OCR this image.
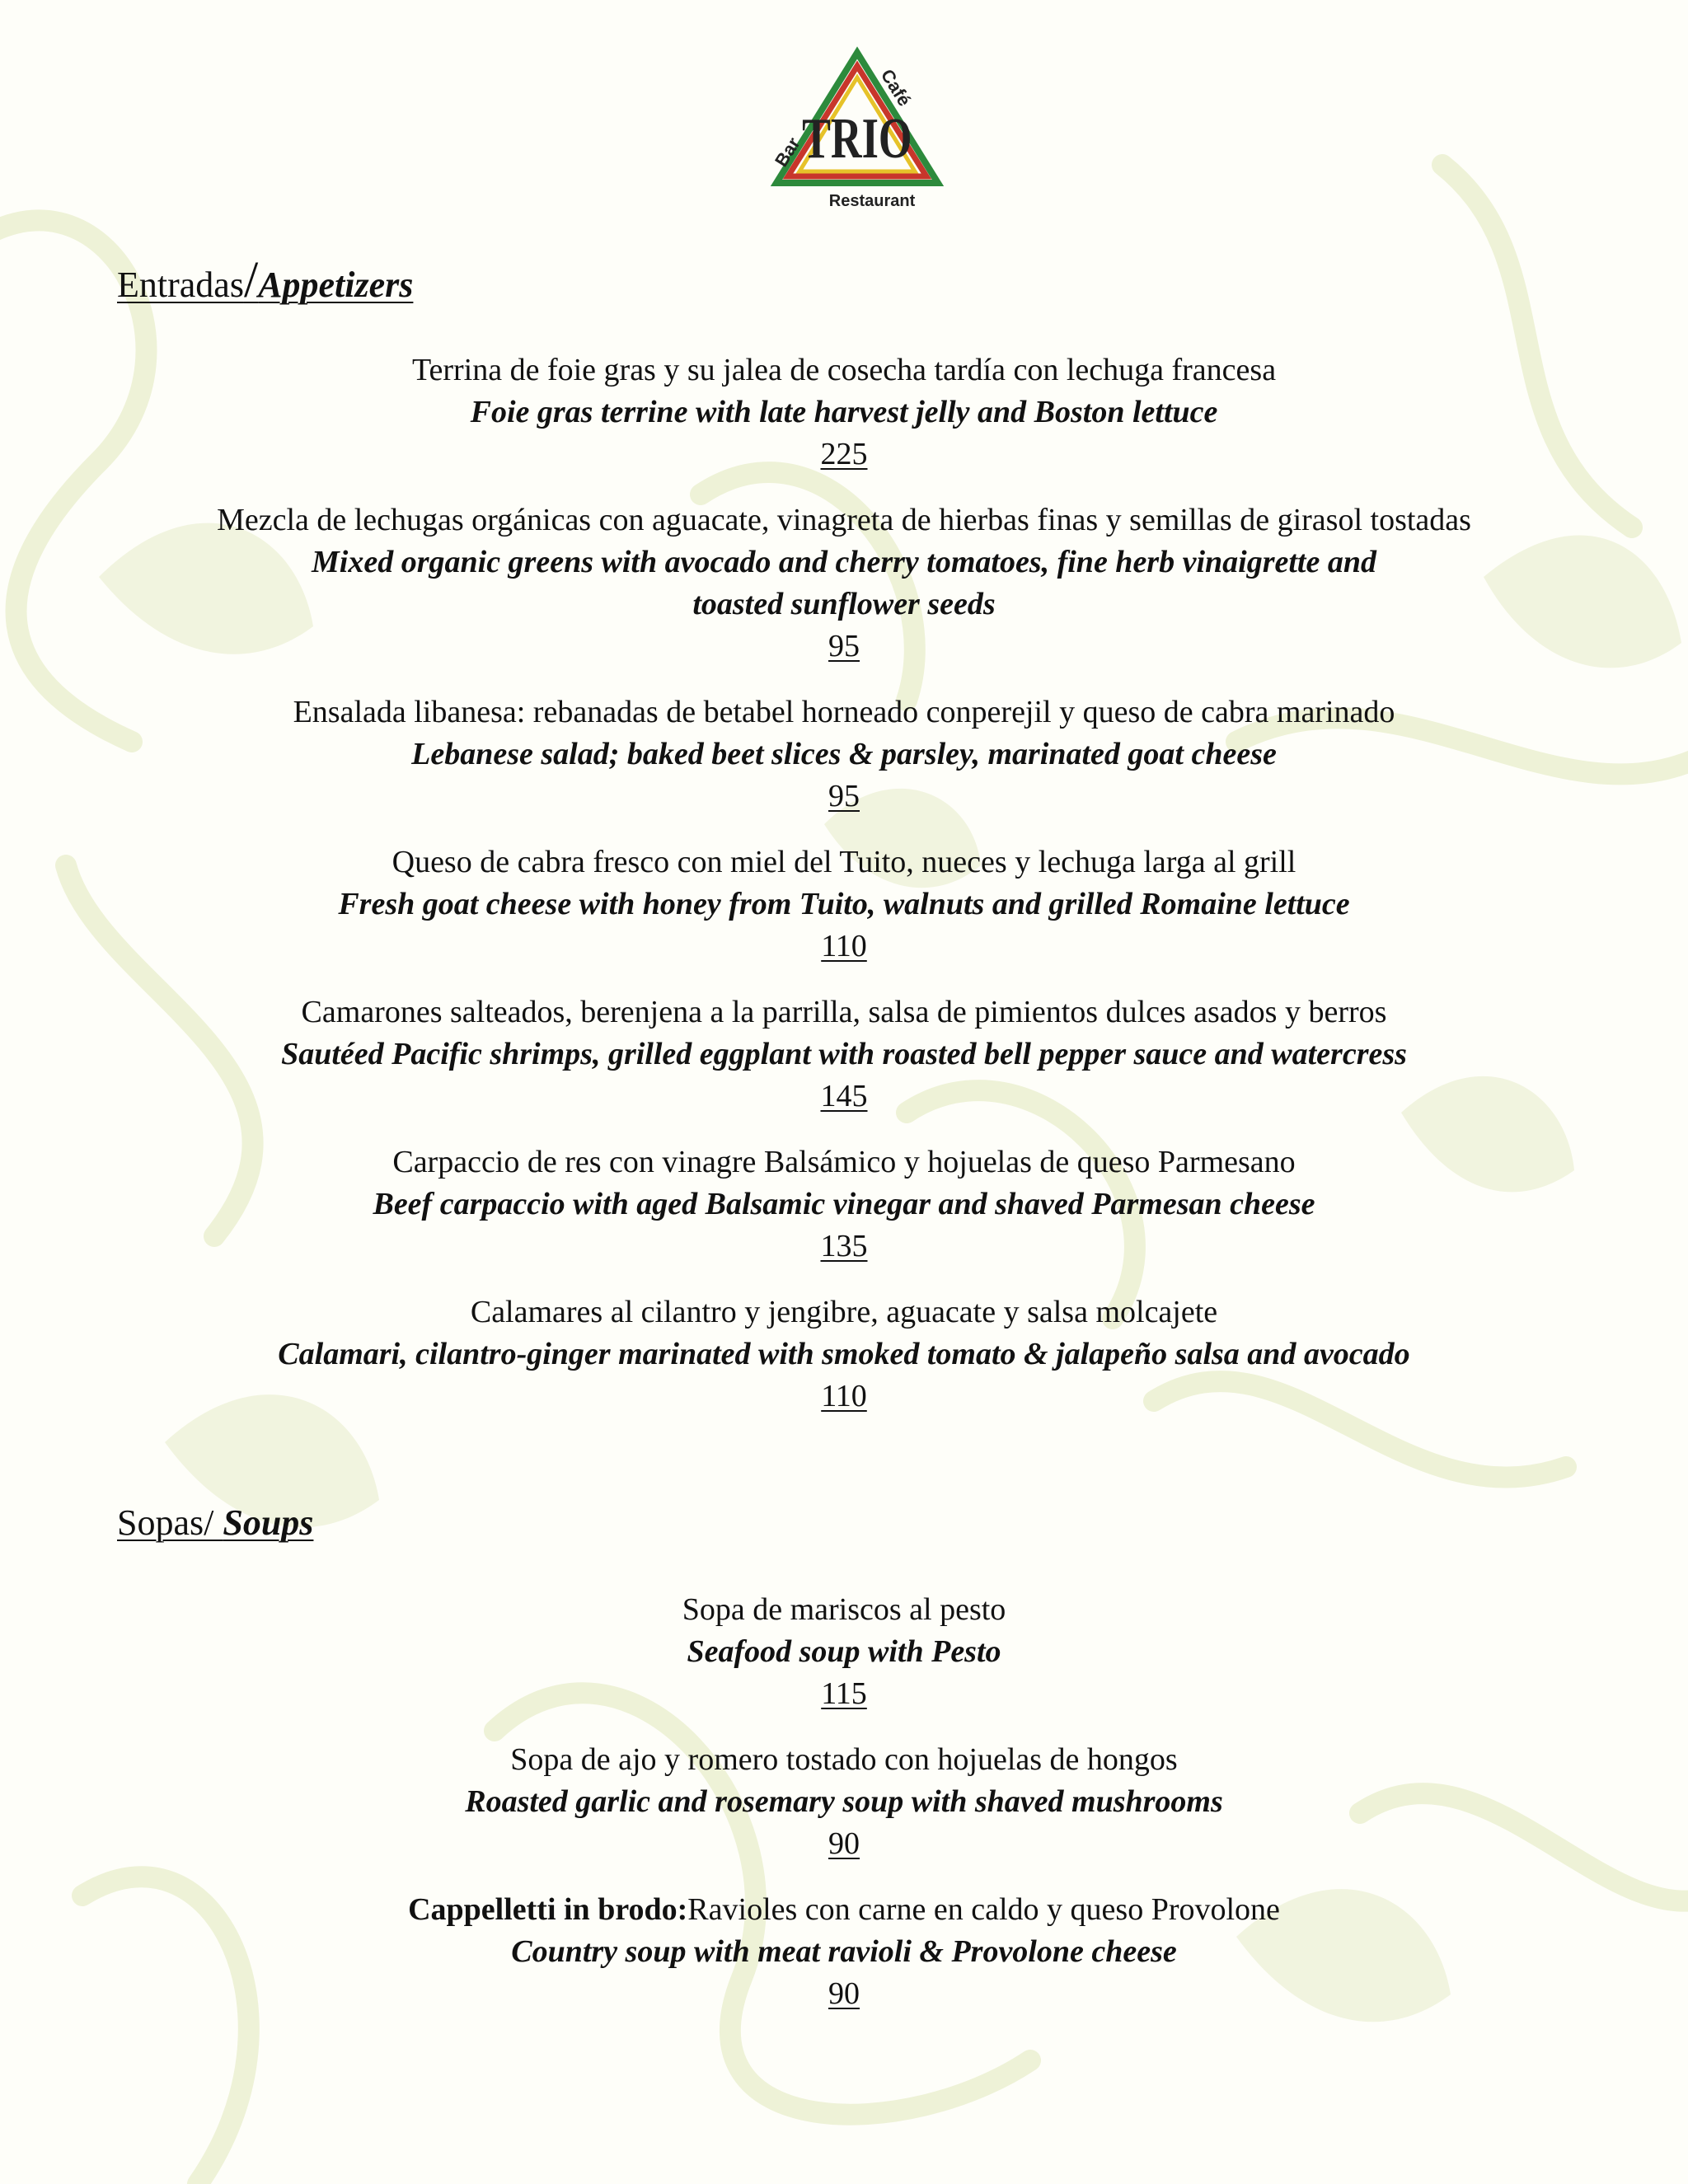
TRIO
Café
Bar
Restaurant
Entradas/Appetizers
Terrina de foie gras y su jalea de cosecha tardía con lechuga francesa
Foie gras terrine with late harvest jelly and Boston lettuce
225
Mezcla de lechugas orgánicas con aguacate, vinagreta de hierbas finas y semillas de girasol tostadas
Mixed organic greens with avocado and cherry tomatoes, fine herb vinaigrette and
toasted sunflower seeds
95
Ensalada libanesa: rebanadas de betabel horneado conperejil y queso de cabra marinado
Lebanese salad; baked beet slices & parsley, marinated goat cheese
95
Queso de cabra fresco con miel del Tuito, nueces y lechuga larga al grill
Fresh goat cheese with honey from Tuito, walnuts and grilled Romaine lettuce
110
Camarones salteados, berenjena a la parrilla, salsa de pimientos dulces asados y berros
Sautéed Pacific shrimps, grilled eggplant with roasted bell pepper sauce and watercress
145
Carpaccio de res con vinagre Balsámico y hojuelas de queso Parmesano
Beef carpaccio with aged Balsamic vinegar and shaved Parmesan cheese
135
Calamares al cilantro y jengibre, aguacate y salsa molcajete
Calamari, cilantro-ginger marinated with smoked tomato & jalapeño salsa and avocado
110
Sopas/ Soups
Sopa de mariscos al pesto
Seafood soup with Pesto
115
Sopa de ajo y romero tostado con hojuelas de hongos
Roasted garlic and rosemary soup with shaved mushrooms
90
Cappelletti in brodo:Ravioles con carne en caldo y queso Provolone
Country soup with meat ravioli & Provolone cheese
90
